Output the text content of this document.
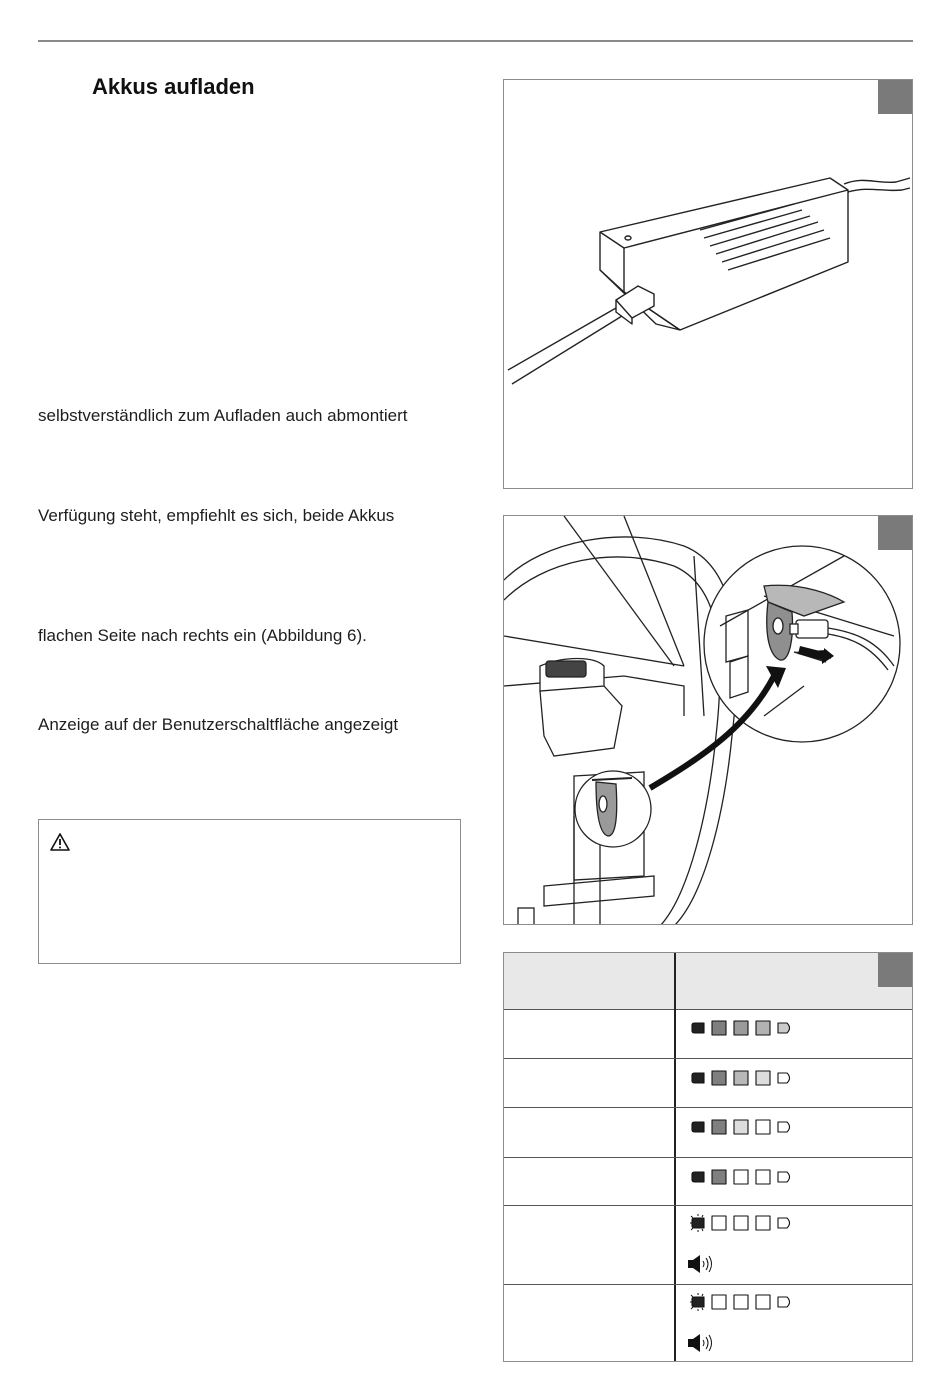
Akkus aufladen
selbstverständlich zum Aufladen auch abmontiert
Verfügung steht, empfiehlt es sich, beide Akkus
flachen Seite nach rechts ein (Abbildung 6).
Anzeige auf der Benutzerschaltfläche angezeigt
